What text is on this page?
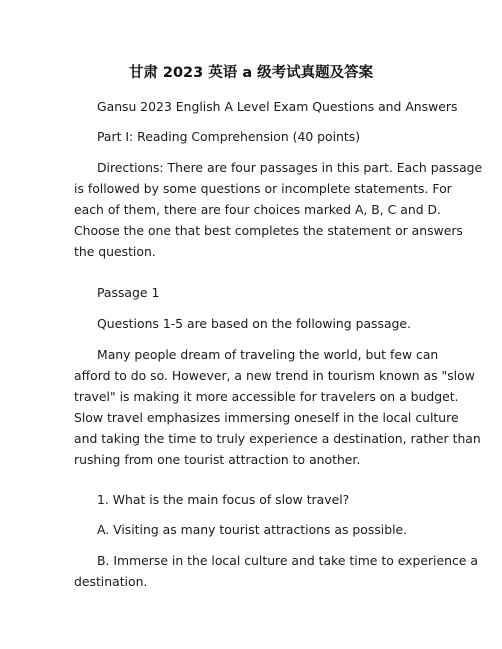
甘肃 2023 英语 a 级考试真题及答案

Gansu 2023 English A Level Exam Questions and Answers

Part I: Reading Comprehension (40 points)

Directions: There are four passages in this part. Each passage
is followed by some questions or incomplete statements. For
each of them, there are four choices marked A, B, C and D.
Choose the one that best completes the statement or answers
the question.

Passage 1

Questions 1-5 are based on the following passage.

Many people dream of traveling the world, but few can
afford to do so. However, a new trend in tourism known as "slow
travel" is making it more accessible for travelers on a budget.
Slow travel emphasizes immersing oneself in the local culture
and taking the time to truly experience a destination, rather than
rushing from one tourist attraction to another.

1. What is the main focus of slow travel?

A. Visiting as many tourist attractions as possible.

B. Immerse in the local culture and take time to experience a
destination.
